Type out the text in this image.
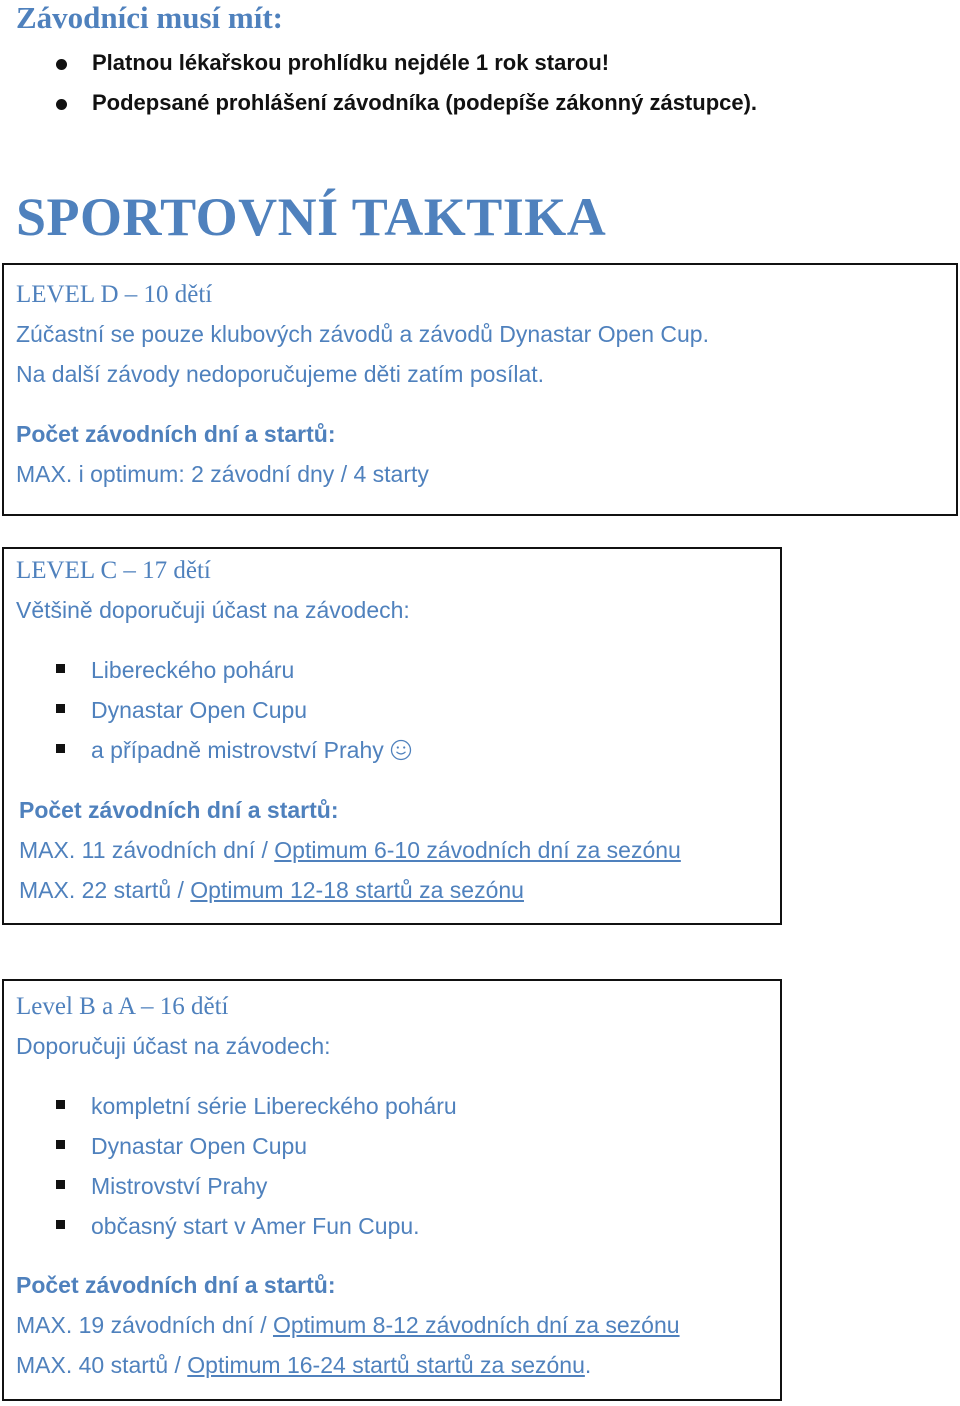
Závodníci musí mít:
Platnou lékařskou prohlídku nejdéle 1 rok starou!
Podepsané prohlášení závodníka (podepíše zákonný zástupce).
SPORTOVNÍ TAKTIKA
LEVEL D – 10 dětí
Zúčastní se pouze klubových závodů a závodů Dynastar Open Cup.
Na další závody nedoporučujeme děti zatím posílat.
Počet závodních dní a startů:
MAX. i optimum: 2 závodní dny / 4 starty
LEVEL C – 17 dětí
Většině doporučuji účast na závodech:
Libereckého poháru
Dynastar Open Cupu
a případně mistrovství Prahy
Počet závodních dní a startů:
MAX. 11 závodních dní / Optimum 6-10 závodních dní za sezónu
MAX. 22 startů / Optimum 12-18 startů za sezónu
Level B a A – 16 dětí
Doporučuji účast na závodech:
kompletní série Libereckého poháru
Dynastar Open Cupu
Mistrovství Prahy
občasný start v Amer Fun Cupu.
Počet závodních dní a startů:
MAX. 19 závodních dní / Optimum 8-12 závodních dní za sezónu
MAX. 40 startů / Optimum 16-24 startů startů za sezónu.
